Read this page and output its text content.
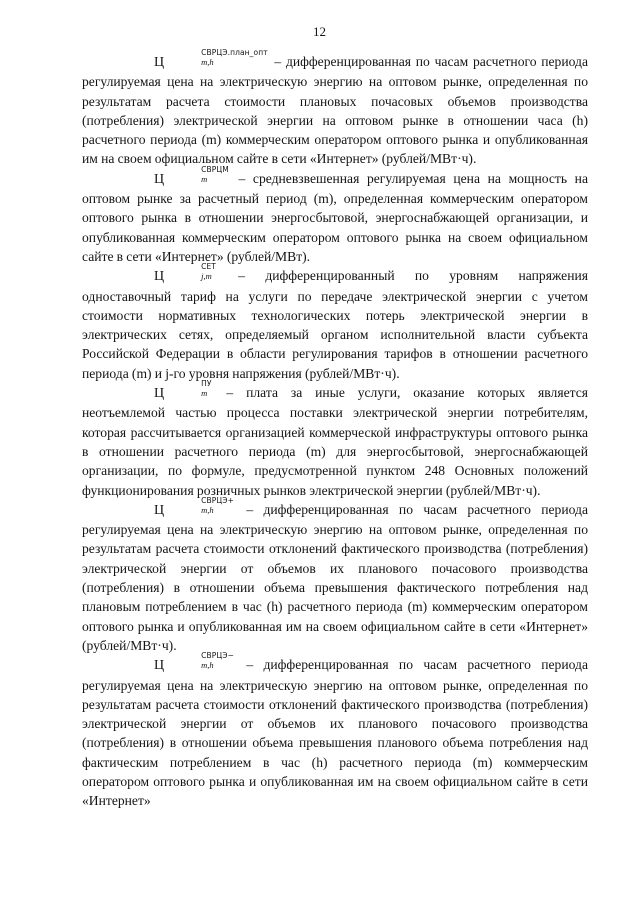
12

Ц
СВРЦЭ.план_опт
m,h	– дифференцированная по часам расчетного периода регулируемая цена на электрическую энергию на оптовом рынке, определенная по результатам расчета стоимости плановых почасовых объемов производства (потребления) электрической энергии на оптовом рынке в отношении часа (h) расчетного периода (m) коммерческим оператором оптового рынка и опубликованная им на своем официальном сайте в сети «Интернет» (рублей/МВт·ч).

Ц
СВРЦМ
m	– средневзвешенная регулируемая цена на мощность на оптовом рынке за расчетный период (m), определенная коммерческим оператором оптового рынка в отношении энергосбытовой, энергоснабжающей организации, и опубликованная коммерческим оператором оптового рынка на своем официальном сайте в сети «Интернет» (рублей/МВт).

Ц
СЕТ
j,m – дифференцированный по уровням напряжения одноставочный тариф на услуги по передаче электрической энергии с учетом стоимости нормативных технологических потерь электрической энергии в электрических сетях, определяемый органом исполнительной власти субъекта Российской Федерации в области регулирования тарифов в отношении расчетного периода (m) и j-го уровня напряжения (рублей/МВт·ч).

Ц
ПУ
m – плата за иные услуги, оказание которых является неотъемлемой частью процесса поставки электрической энергии потребителям, которая рассчитывается организацией коммерческой инфраструктуры оптового рынка в отношении расчетного периода (m) для энергосбытовой, энергоснабжающей организации, по формуле, предусмотренной пунктом 248 Основных положений функционирования розничных рынков электрической энергии (рублей/МВт·ч).

Ц
СВРЦЭ+
m,h	– дифференцированная по часам расчетного периода регулируемая цена на электрическую энергию на оптовом рынке, определенная по результатам расчета стоимости отклонений фактического производства (потребления) электрической энергии от объемов их планового почасового производства (потребления) в отношении объема превышения фактического потребления над плановым потреблением в час (h) расчетного периода (m) коммерческим оператором оптового рынка и опубликованная им на своем официальном сайте в сети «Интернет» (рублей/МВт·ч).

Ц
СВРЦЭ−
m,h	– дифференцированная по часам расчетного периода регулируемая цена на электрическую энергию на оптовом рынке, определенная по результатам расчета стоимости отклонений фактического производства (потребления) электрической энергии от объемов их планового почасового производства (потребления) в отношении объема превышения планового объема потребления над фактическим потреблением в час (h) расчетного периода (m) коммерческим оператором оптового рынка и опубликованная им на своем официальном сайте в сети «Интернет»
